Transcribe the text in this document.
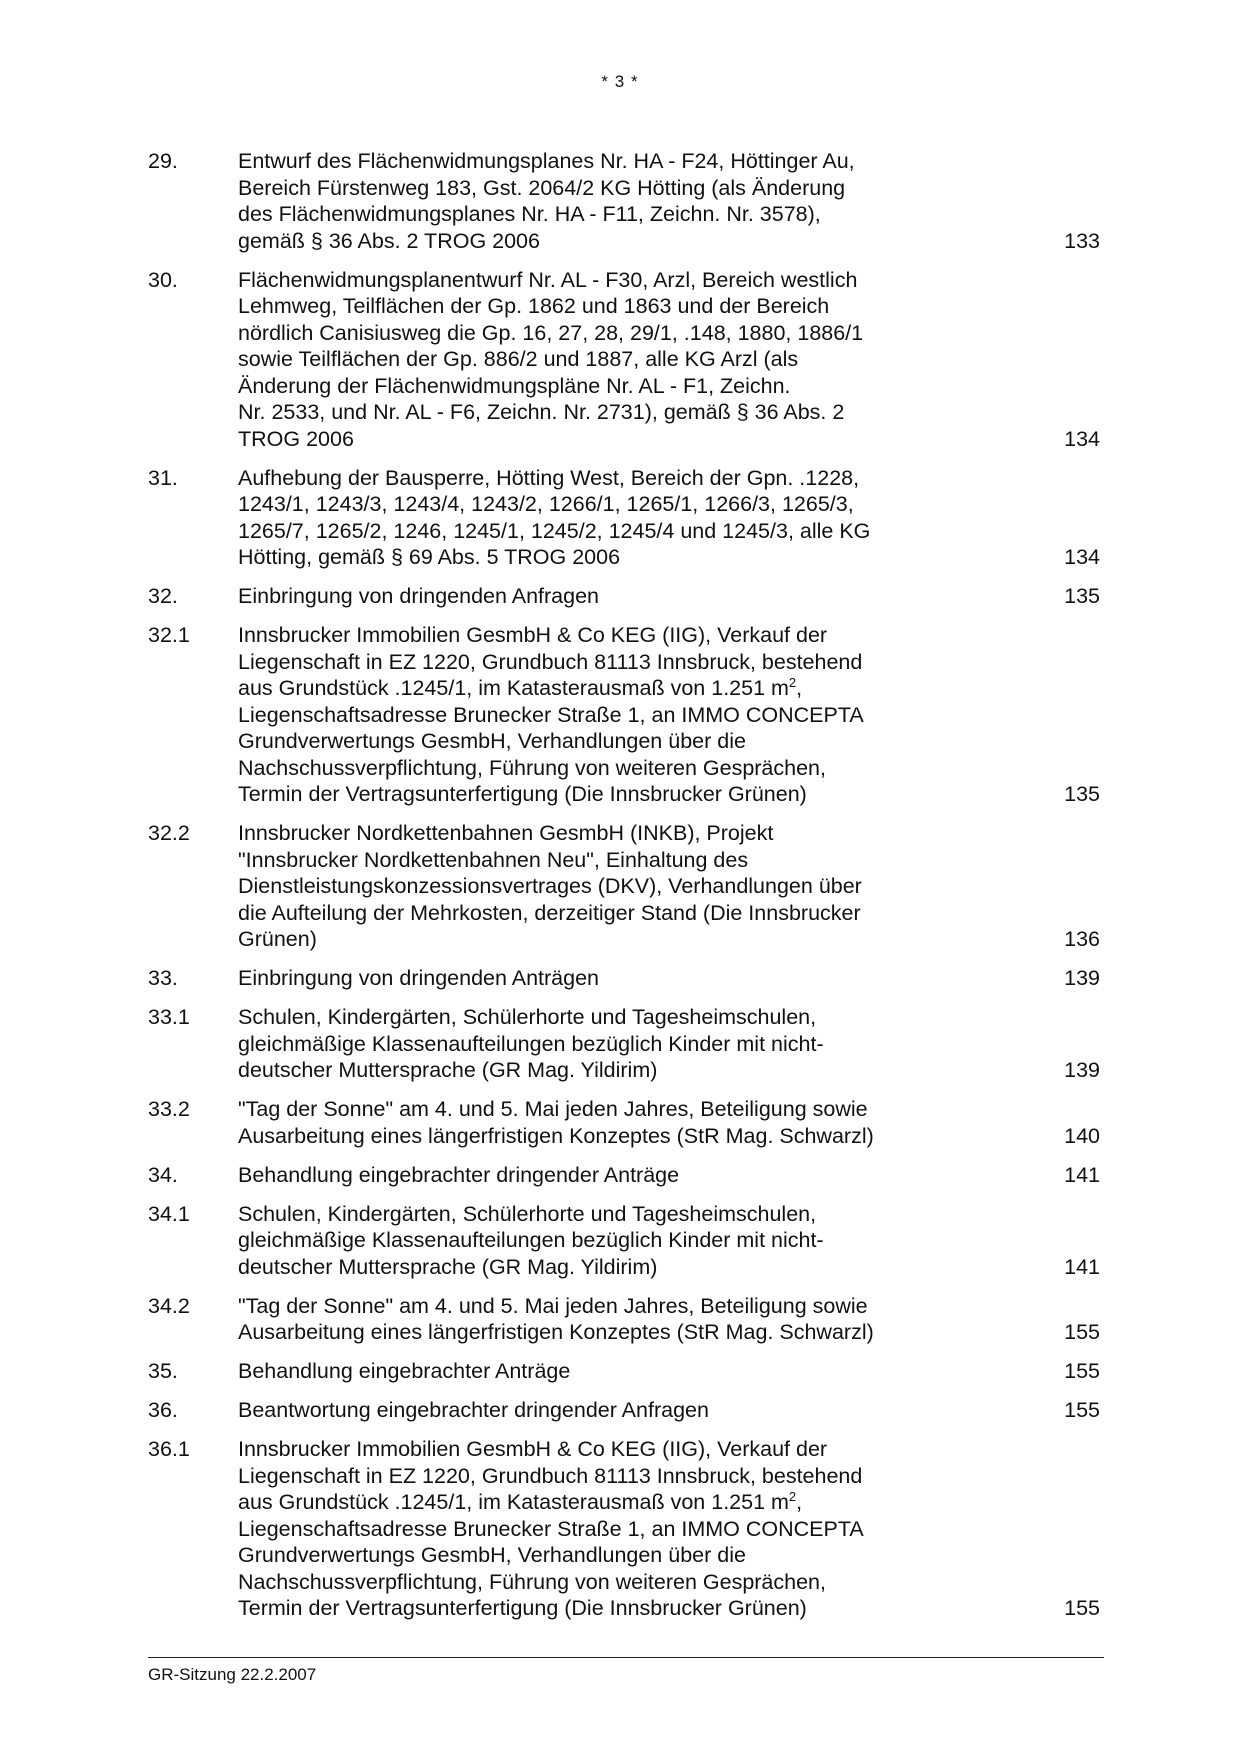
* 3 *
29.	Entwurf des Flächenwidmungsplanes Nr. HA - F24, Höttinger Au,
Bereich Fürstenweg 183, Gst. 2064/2 KG Hötting (als Änderung
des Flächenwidmungsplanes Nr. HA - F11, Zeichn. Nr. 3578),
gemäß § 36 Abs. 2 TROG 2006	133
30.	Flächenwidmungsplanentwurf Nr. AL - F30, Arzl, Bereich westlich
Lehmweg, Teilflächen der Gp. 1862 und 1863 und der Bereich
nördlich Canisiusweg die Gp. 16, 27, 28, 29/1, .148, 1880, 1886/1
sowie Teilflächen der Gp. 886/2 und 1887, alle KG Arzl (als
Änderung der Flächenwidmungspläne Nr. AL - F1, Zeichn.
Nr. 2533, und Nr. AL - F6, Zeichn. Nr. 2731), gemäß § 36 Abs. 2
TROG 2006	134
31.	Aufhebung der Bausperre, Hötting West, Bereich der Gpn. .1228,
1243/1, 1243/3, 1243/4, 1243/2, 1266/1, 1265/1, 1266/3, 1265/3,
1265/7, 1265/2, 1246, 1245/1, 1245/2, 1245/4 und 1245/3, alle KG
Hötting, gemäß § 69 Abs. 5 TROG 2006	134
32.	Einbringung von dringenden Anfragen	135
32.1	Innsbrucker Immobilien GesmbH & Co KEG (IIG), Verkauf der
Liegenschaft in EZ 1220, Grundbuch 81113 Innsbruck, bestehend
aus Grundstück .1245/1, im Katasterausmaß von 1.251 $m^2$,
Liegenschaftsadresse Brunecker Straße 1, an IMMO CONCEPTA
Grundverwertungs GesmbH, Verhandlungen über die
Nachschussverpflichtung, Führung von weiteren Gesprächen,
Termin der Vertragsunterfertigung (Die Innsbrucker Grünen)	135
32.2	Innsbrucker Nordkettenbahnen GesmbH (INKB), Projekt
"Innsbrucker Nordkettenbahnen Neu", Einhaltung des
Dienstleistungskonzessionsvertrages (DKV), Verhandlungen über
die Aufteilung der Mehrkosten, derzeitiger Stand (Die Innsbrucker
Grünen)	136
33.	Einbringung von dringenden Anträgen	139
33.1	Schulen, Kindergärten, Schülerhorte und Tagesheimschulen,
gleichmäßige Klassenaufteilungen bezüglich Kinder mit nicht-
deutscher Muttersprache (GR Mag. Yildirim)	139
33.2	"Tag der Sonne" am 4. und 5. Mai jeden Jahres, Beteiligung sowie
Ausarbeitung eines längerfristigen Konzeptes (StR Mag. Schwarzl)	140
34.	Behandlung eingebrachter dringender Anträge	141
34.1	Schulen, Kindergärten, Schülerhorte und Tagesheimschulen,
gleichmäßige Klassenaufteilungen bezüglich Kinder mit nicht-
deutscher Muttersprache (GR Mag. Yildirim)	141
34.2	"Tag der Sonne" am 4. und 5. Mai jeden Jahres, Beteiligung sowie
Ausarbeitung eines längerfristigen Konzeptes (StR Mag. Schwarzl)	155
35.	Behandlung eingebrachter Anträge	155
36.	Beantwortung eingebrachter dringender Anfragen	155
36.1	Innsbrucker Immobilien GesmbH & Co KEG (IIG), Verkauf der
Liegenschaft in EZ 1220, Grundbuch 81113 Innsbruck, bestehend
aus Grundstück .1245/1, im Katasterausmaß von 1.251 $m^2$,
Liegenschaftsadresse Brunecker Straße 1, an IMMO CONCEPTA
Grundverwertungs GesmbH, Verhandlungen über die
Nachschussverpflichtung, Führung von weiteren Gesprächen,
Termin der Vertragsunterfertigung (Die Innsbrucker Grünen)	155
GR-Sitzung 22.2.2007
